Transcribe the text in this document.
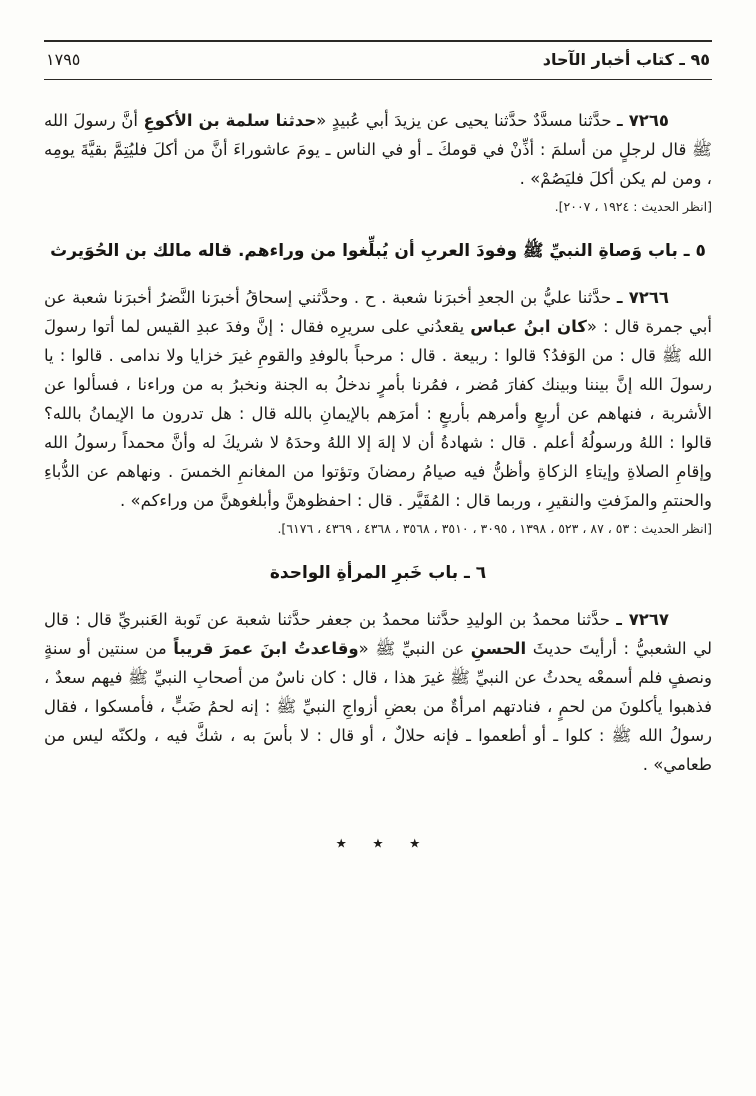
٩٥ ـ كتاب أخبار الآحاد
١٧٩٥

٧٢٦٥ ـ حدَّثنا مسدَّدٌ حدَّثنا يحيى عن يزيدَ أبي عُبيدٍ «حدثنا سلمة بن الأكوعِ أنَّ رسولَ الله ﷺ قال لرجلٍ من أسلمَ : أذِّنْ في قومكَ ـ أو في الناس ـ يومَ عاشوراءَ أنَّ من أكلَ فليُتِمَّ بقيَّةَ يومِه ، ومن لم يكن أكلَ فليَصُمْ» .

[انظر الحديث : ١٩٢٤ ، ٢٠٠٧].

٥ ـ باب وَصاةِ النبيِّ ﷺ وفودَ العربِ أن يُبلِّغوا من وراءهم. قاله مالك بن الحُوَيرث

٧٢٦٦ ـ حدَّثنا عليُّ بن الجعدِ أخبرَنا شعبة . ح . وحدَّثني إسحاقُ أخبرَنا النَّضرُ أخبرَنا شعبة عن أبي جمرة قال : «كان ابنُ عباس يقعدُني على سريرِه فقال : إنَّ وفدَ عبدِ القيس لما أتوا رسولَ الله ﷺ قال : من الوَفدُ؟ قالوا : ربيعة . قال : مرحباً بالوفدِ والقومِ غيرَ خزايا ولا ندامى . قالوا : يا رسولَ الله إنَّ بيننا وبينك كفارَ مُضر ، فمُرنا بأمرٍ ندخلُ به الجنة ونخبرُ به من وراءنا ، فسألوا عن الأشربة ، فنهاهم عن أربعٍ وأمرهم بأربعٍ : أمرَهم بالإيمانِ بالله قال : هل تدرون ما الإيمانُ بالله؟ قالوا : اللهُ ورسولُهُ أعلم . قال : شهادةُ أن لا إلهَ إلا اللهُ وحدَهُ لا شريكَ له وأنَّ محمداً رسولُ الله وإقامِ الصلاةِ وإيتاءِ الزكاةِ وأظنُّ فيه صيامُ رمضانَ وتؤتوا من المغانمِ الخمسَ . ونهاهم عن الدُّباءِ والحنتمِ والمزَفتِ والنقيرِ ، وربما قال : المُقَيَّر . قال : احفظوهنَّ وأبلغوهنَّ من وراءكم» .

[انظر الحديث : ٥٣ ، ٨٧ ، ٥٢٣ ، ١٣٩٨ ، ٣٠٩٥ ، ٣٥١٠ ، ٣٥٦٨ ، ٤٣٦٨ ، ٤٣٦٩ ، ٦١٧٦].

٦ ـ باب خَبرِ المرأةِ الواحدة

٧٢٦٧ ـ حدَّثنا محمدُ بن الوليدِ حدَّثنا محمدُ بن جعفر حدَّثنا شعبة عن تَوبة العَنبريِّ قال : قال لي الشعبيُّ : أرأيتَ حديثَ الحسنِ عن النبيِّ ﷺ «وقاعدتُ ابنَ عمرَ قريباً من سنتين أو سنةٍ ونصفٍ فلم أسمعْه يحدثُ عن النبيِّ ﷺ غيرَ هذا ، قال : كان ناسٌ من أصحابِ النبيِّ ﷺ فيهم سعدٌ ، فذهبوا يأكلونَ من لحمٍ ، فنادتهم امرأةٌ من بعضِ أزواجِ النبيِّ ﷺ : إنه لحمُ ضَبٍّ ، فأمسكوا ، فقال رسولُ الله ﷺ : كلوا ـ أو أطعموا ـ فإنه حلالٌ ، أو قال : لا بأسَ به ، شكَّ فيه ، ولكنّه ليس من طعامي» .

٭ ٭ ٭
